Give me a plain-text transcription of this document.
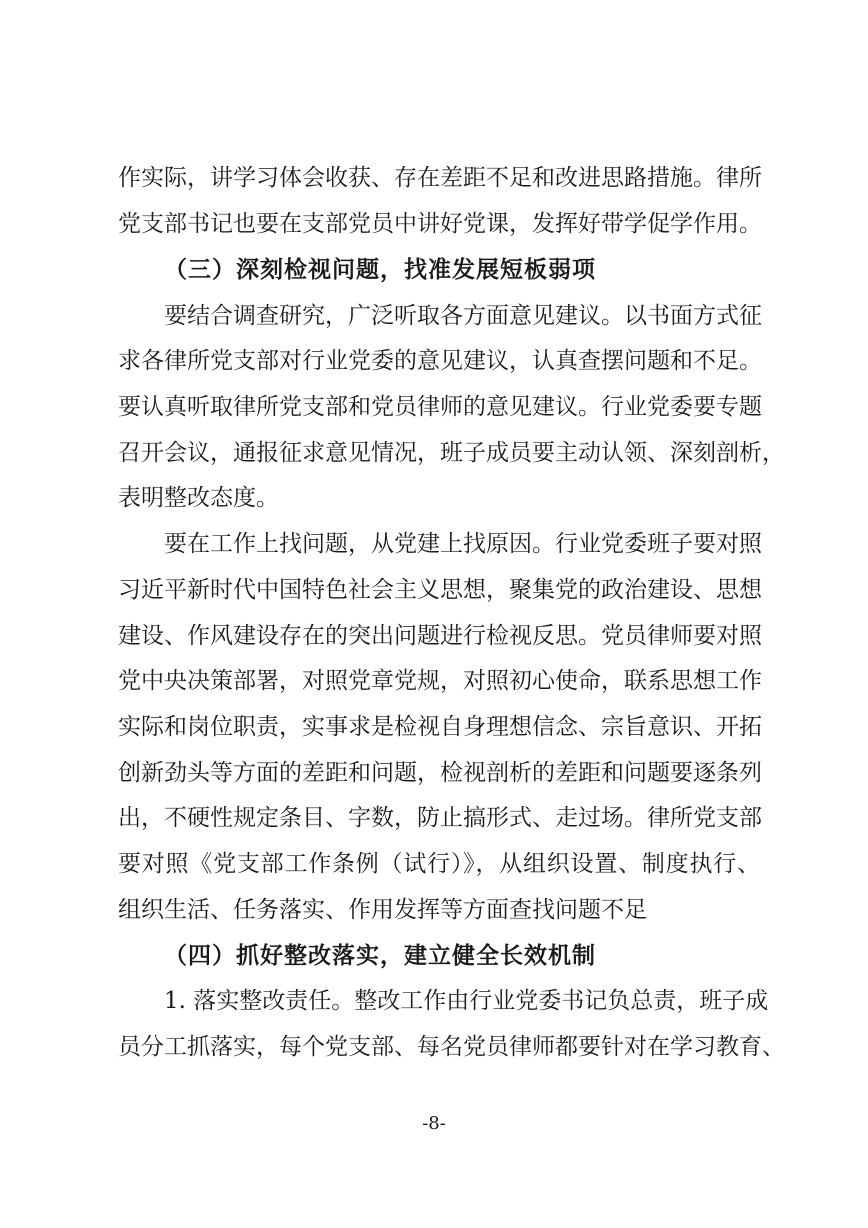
作实际，讲学习体会收获、存在差距不足和改进思路措施。律所
党支部书记也要在支部党员中讲好党课，发挥好带学促学作用。
（三）深刻检视问题，找准发展短板弱项
要结合调查研究，广泛听取各方面意见建议。以书面方式征
求各律所党支部对行业党委的意见建议，认真查摆问题和不足。
要认真听取律所党支部和党员律师的意见建议。行业党委要专题
召开会议，通报征求意见情况，班子成员要主动认领、深刻剖析，
表明整改态度。
要在工作上找问题，从党建上找原因。行业党委班子要对照
习近平新时代中国特色社会主义思想，聚集党的政治建设、思想
建设、作风建设存在的突出问题进行检视反思。党员律师要对照
党中央决策部署，对照党章党规，对照初心使命，联系思想工作
实际和岗位职责，实事求是检视自身理想信念、宗旨意识、开拓
创新劲头等方面的差距和问题，检视剖析的差距和问题要逐条列
出，不硬性规定条目、字数，防止搞形式、走过场。律所党支部
要对照《党支部工作条例（试行）》，从组织设置、制度执行、
组织生活、任务落实、作用发挥等方面查找问题不足
（四）抓好整改落实，建立健全长效机制
1. 落实整改责任。整改工作由行业党委书记负总责，班子成
员分工抓落实，每个党支部、每名党员律师都要针对在学习教育、
-8-
